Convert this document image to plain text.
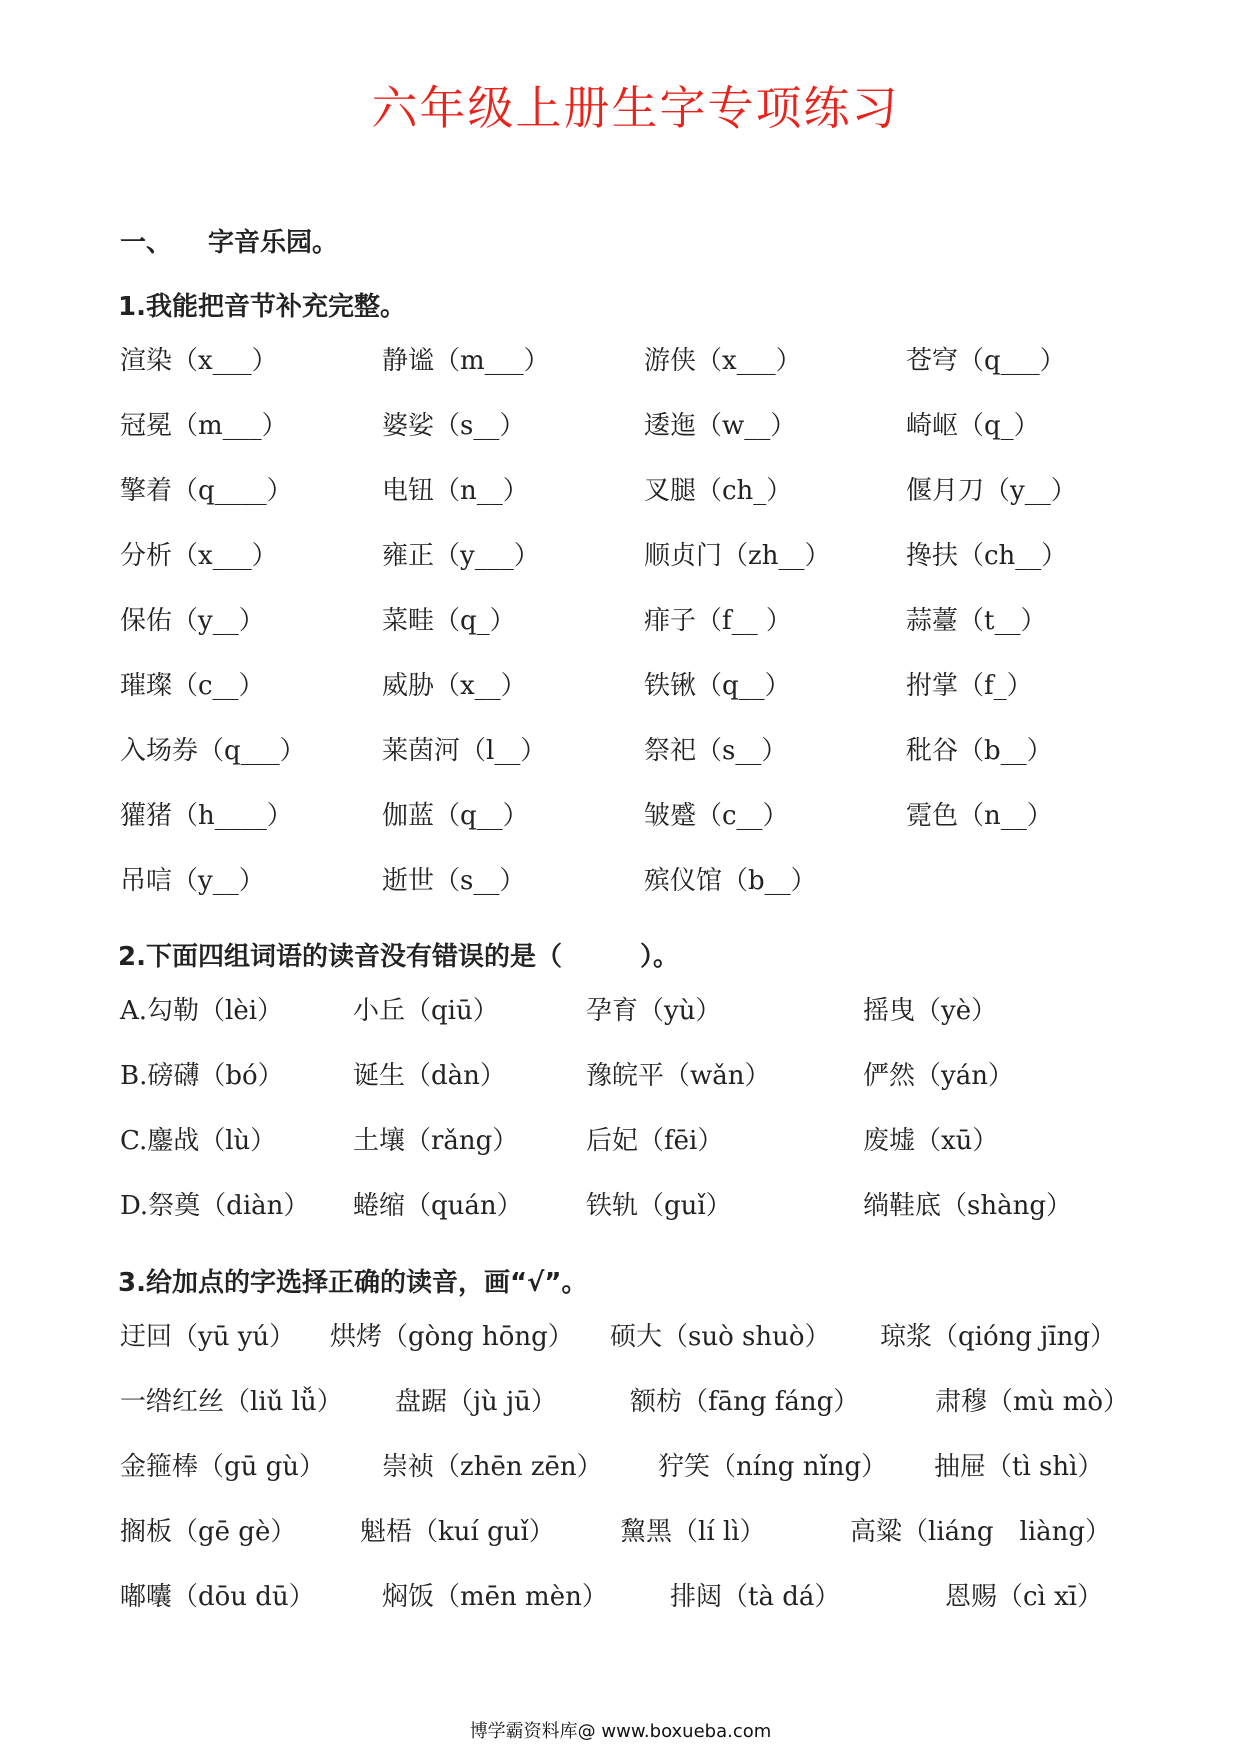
六年级上册生字专项练习
一、 字音乐园。
1.我能把音节补充完整。
渲染（x___）	静谧（m___）	游侠（x___）	苍穹（q___）
冠冕（m___）	婆娑（s__）	逶迤（w__）	崎岖（q_）
擎着（q____）	电钮（n__）	叉腿（ch_）	偃月刀（y__）
分析（x___）	雍正（y___）	顺贞门（zh__）	搀扶（ch__）
保佑（y__）	菜畦（q_）	痱子（f__ ）	蒜薹（t__）
璀璨（c__）	威胁（x__）	铁锹（q__）	拊掌（f_）
入场券（q___）	莱茵河（l__）	祭祀（s__）	秕谷（b__）
獾猪（h____）	伽蓝（q__）	皱蹙（c__）	霓色（n__）
吊唁（y__）	逝世（s__）	殡仪馆（b__）
2.下面四组词语的读音没有错误的是（　　　）。
A.勾勒（lèi）	小丘（qiū）	孕育（yù）	摇曳（yè）
B.磅礴（bó）	诞生（dàn）	豫皖平（wǎn）	俨然（yán）
C.鏖战（lù）	土壤（rǎng）	后妃（fēi）	废墟（xū）
D.祭奠（diàn） 蜷缩（quán） 铁轨（guǐ）	绱鞋底（shàng）
3.给加点的字选择正确的读音，画“√”。
迂回（yū yú） 烘烤（gòng hōng） 硕大（suò shuò） 琼浆（qióng jīng）
一绺红丝（liǔ lǚ） 盘踞（jù jū）	额枋（fāng fáng）	肃穆（mù mò）
金箍棒（gū gù） 崇祯（zhēn zēn） 狞笑（níng nǐng） 抽屉（tì shì）
搁板（gē gè） 魁梧（kuí guǐ）	黧黑（lí lì）	高粱（liáng　liàng）
嘟囔（dōu dū）	焖饭（mēn mèn） 排闼（tà dá）	恩赐（cì xī）
博学霸资料库@ www.boxueba.com
